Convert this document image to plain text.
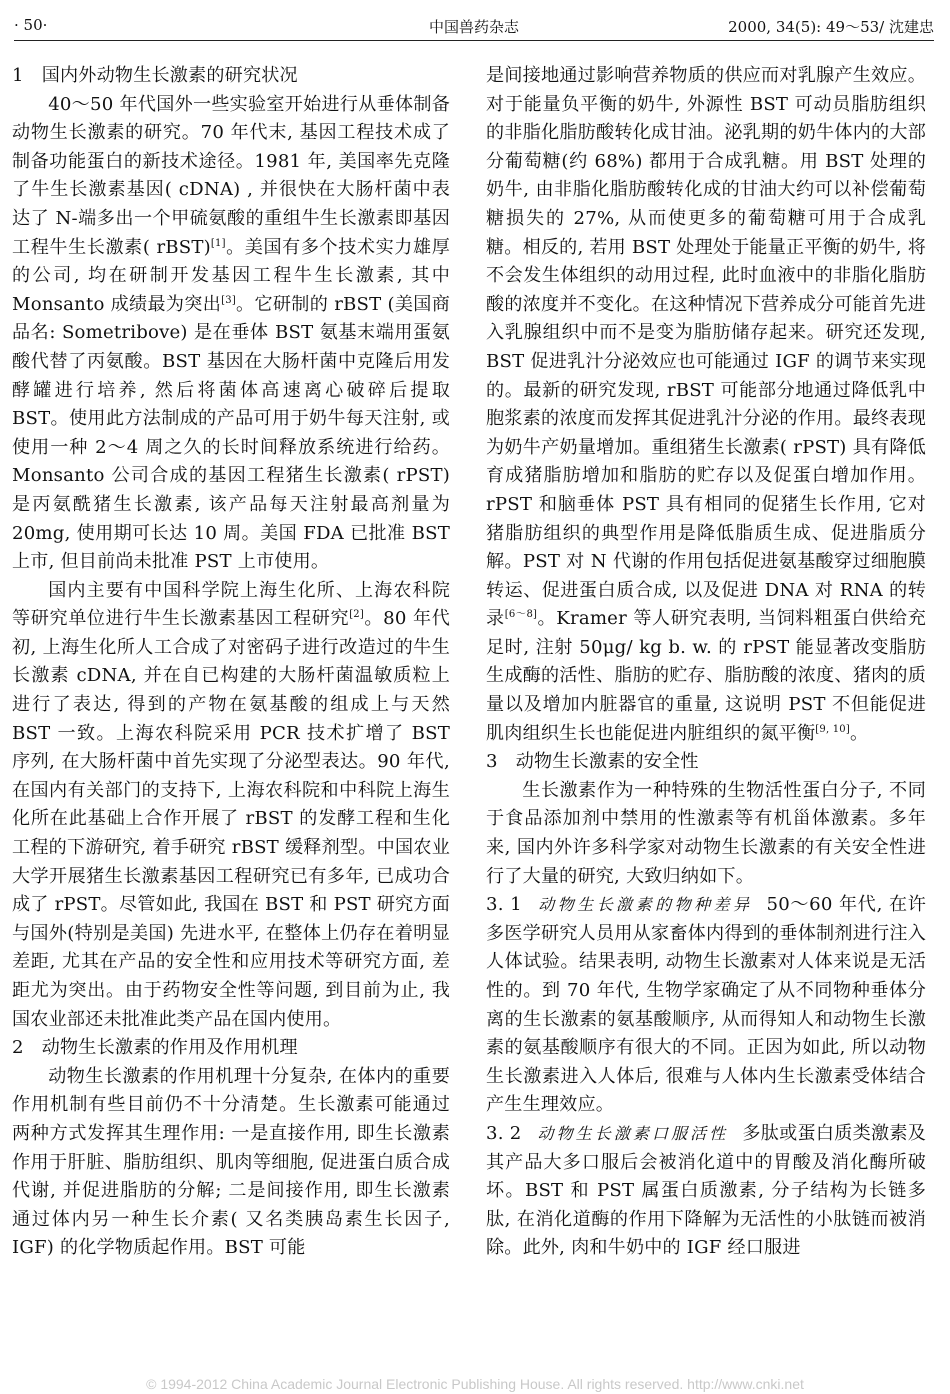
· 50·	中国兽药杂志	2000, 34(5): 49～53/ 沈建忠
1 国内外动物生长激素的研究状况

40～50 年代国外一些实验室开始进行从垂体制备动物生长激素的研究。70 年代末, 基因工程技术成了制备功能蛋白的新技术途径。1981 年, 美国率先克隆了牛生长激素基因( cDNA) , 并很快在大肠杆菌中表达了 N-端多出一个甲硫氨酸的重组牛生长激素即基因工程牛生长激素( rBST)[1]。美国有多个技术实力雄厚的公司, 均在研制开发基因工程牛生长激素, 其中 Monsanto 成绩最为突出[3]。它研制的 rBST (美国商品名: Sometribove) 是在垂体 BST 氨基末端用蛋氨酸代替了丙氨酸。BST 基因在大肠杆菌中克隆后用发酵罐进行培养, 然后将菌体高速离心破碎后提取 BST。使用此方法制成的产品可用于奶牛每天注射, 或使用一种 2～4 周之久的长时间释放系统进行给药。Monsanto 公司合成的基因工程猪生长激素( rPST) 是丙氨酰猪生长激素, 该产品每天注射最高剂量为 20mg, 使用期可长达 10 周。美国 FDA 已批准 BST 上市, 但目前尚未批准 PST 上市使用。

国内主要有中国科学院上海生化所、上海农科院等研究单位进行牛生长激素基因工程研究[2]。80 年代初, 上海生化所人工合成了对密码子进行改造过的牛生长激素 cDNA, 并在自已构建的大肠杆菌温敏质粒上进行了表达, 得到的产物在氨基酸的组成上与天然 BST 一致。上海农科院采用 PCR 技术扩增了 BST 序列, 在大肠杆菌中首先实现了分泌型表达。90 年代, 在国内有关部门的支持下, 上海农科院和中科院上海生化所在此基础上合作开展了 rBST 的发酵工程和生化工程的下游研究, 着手研究 rBST 缓释剂型。中国农业大学开展猪生长激素基因工程研究已有多年, 已成功合成了 rPST。尽管如此, 我国在 BST 和 PST 研究方面与国外(特别是美国) 先进水平, 在整体上仍存在着明显差距, 尤其在产品的安全性和应用技术等研究方面, 差距尤为突出。由于药物安全性等问题, 到目前为止, 我国农业部还未批准此类产品在国内使用。

2 动物生长激素的作用及作用机理

动物生长激素的作用机理十分复杂, 在体内的重要作用机制有些目前仍不十分清楚。生长激素可能通过两种方式发挥其生理作用: 一是直接作用, 即生长激素作用于肝脏、脂肪组织、肌肉等细胞, 促进蛋白质合成代谢, 并促进脂肪的分解; 二是间接作用, 即生长激素通过体内另一种生长介素( 又名类胰岛素生长因子, IGF) 的化学物质起作用。BST 可能

是间接地通过影响营养物质的供应而对乳腺产生效应。对于能量负平衡的奶牛, 外源性 BST 可动员脂肪组织的非脂化脂肪酸转化成甘油。泌乳期的奶牛体内的大部分葡萄糖(约 68%) 都用于合成乳糖。用 BST 处理的奶牛, 由非脂化脂肪酸转化成的甘油大约可以补偿葡萄糖损失的 27%, 从而使更多的葡萄糖可用于合成乳糖。相反的, 若用 BST 处理处于能量正平衡的奶牛, 将不会发生体组织的动用过程, 此时血液中的非脂化脂肪酸的浓度并不变化。在这种情况下营养成分可能首先进入乳腺组织中而不是变为脂肪储存起来。研究还发现, BST 促进乳汁分泌效应也可能通过 IGF 的调节来实现的。最新的研究发现, rBST 可能部分地通过降低乳中胞浆素的浓度而发挥其促进乳汁分泌的作用。最终表现为奶牛产奶量增加。重组猪生长激素( rPST) 具有降低育成猪脂肪增加和脂肪的贮存以及促蛋白增加作用。rPST 和脑垂体 PST 具有相同的促猪生长作用, 它对猪脂肪组织的典型作用是降低脂质生成、促进脂质分解。PST 对 N 代谢的作用包括促进氨基酸穿过细胞膜转运、促进蛋白质合成, 以及促进 DNA 对 RNA 的转录[6～8]。Kramer 等人研究表明, 当饲料粗蛋白供给充足时, 注射 50μg/ kg b. w. 的 rPST 能显著改变脂肪生成酶的活性、脂肪的贮存、脂肪酸的浓度、猪肉的质量以及增加内脏器官的重量, 这说明 PST 不但能促进肌肉组织生长也能促进内脏组织的氮平衡[9, 10]。

3 动物生长激素的安全性

生长激素作为一种特殊的生物活性蛋白分子, 不同于食品添加剂中禁用的性激素等有机甾体激素。多年来, 国内外许多科学家对动物生长激素的有关安全性进行了大量的研究, 大致归纳如下。

3. 1 动物生长激素的物种差异 50～60 年代, 在许多医学研究人员用从家畜体内得到的垂体制剂进行注入人体试验。结果表明, 动物生长激素对人体来说是无活性的。到 70 年代, 生物学家确定了从不同物种垂体分离的生长激素的氨基酸顺序, 从而得知人和动物生长激素的氨基酸顺序有很大的不同。正因为如此, 所以动物生长激素进入人体后, 很难与人体内生长激素受体结合产生生理效应。
3. 2 动物生长激素口服活性 多肽或蛋白质类激素及其产品大多口服后会被消化道中的胃酸及消化酶所破坏。BST 和 PST 属蛋白质激素, 分子结构为长链多肽, 在消化道酶的作用下降解为无活性的小肽链而被消除。此外, 肉和牛奶中的 IGF 经口服进
© 1994-2012 China Academic Journal Electronic Publishing House. All rights reserved. http://www.cnki.net
